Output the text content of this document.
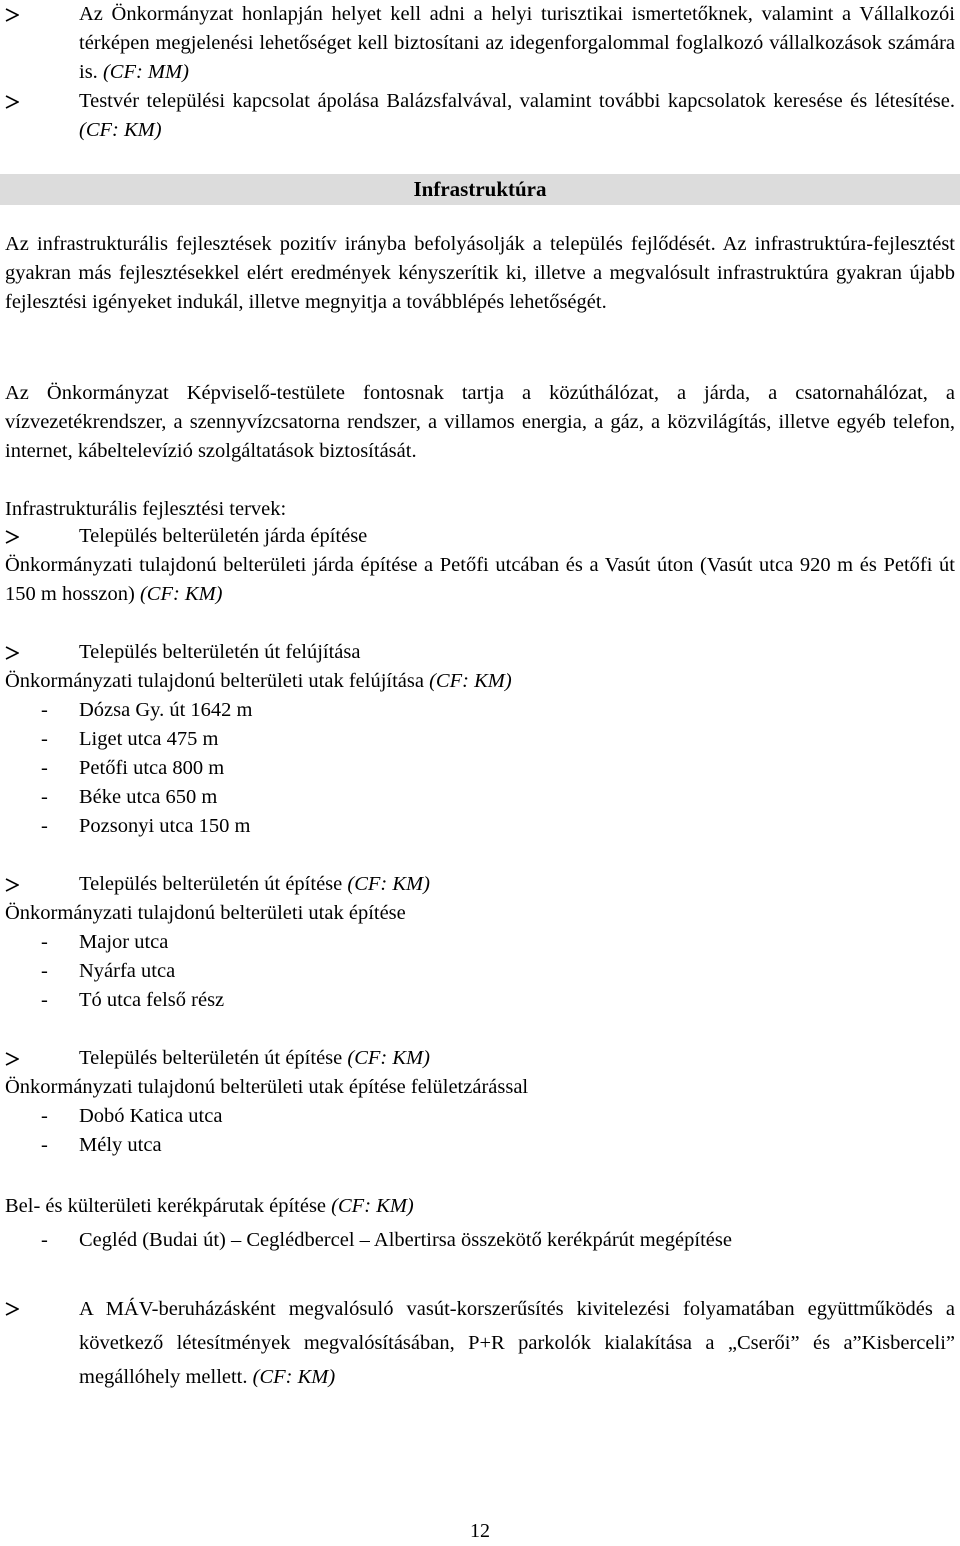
Az Önkormányzat honlapján helyet kell adni a helyi turisztikai ismertetőknek, valamint a Vállalkozói térképen megjelenési lehetőséget kell biztosítani az idegenforgalommal foglalkozó vállalkozások számára is. (CF: MM)
Testvér települési kapcsolat ápolása Balázsfalvával, valamint további kapcsolatok keresése és létesítése. (CF: KM)
Infrastruktúra
Az infrastrukturális fejlesztések pozitív irányba befolyásolják a település fejlődését. Az infrastruktúra-fejlesztést gyakran más fejlesztésekkel elért eredmények kényszerítik ki, illetve a megvalósult infrastruktúra gyakran újabb fejlesztési igényeket indukál, illetve megnyitja a továbblépés lehetőségét.
Az Önkormányzat Képviselő-testülete fontosnak tartja a közúthálózat, a járda, a csatornahálózat, a vízvezetékrendszer, a szennyvízcsatorna rendszer, a villamos energia, a gáz, a közvilágítás, illetve egyéb telefon, internet, kábeltelevízió szolgáltatások biztosítását.
Infrastrukturális fejlesztési tervek:
Település belterületén járda építése
Önkormányzati tulajdonú belterületi járda építése a Petőfi utcában és a Vasút úton (Vasút utca 920 m és Petőfi út 150 m hosszon) (CF: KM)
Település belterületén út felújítása
Önkormányzati tulajdonú belterületi utak felújítása (CF: KM)
- Dózsa Gy. út 1642 m
- Liget utca 475 m
- Petőfi utca 800 m
- Béke utca 650 m
- Pozsonyi utca 150 m
Település belterületén út építése (CF: KM)
Önkormányzati tulajdonú belterületi utak építése
- Major utca
- Nyárfa utca
- Tó utca felső rész
Település belterületén út építése (CF: KM)
Önkormányzati tulajdonú belterületi utak építése felületzárással
- Dobó Katica utca
- Mély utca
Bel- és külterületi kerékpárutak építése (CF: KM)
- Cegléd (Budai út) – Ceglédbercel – Albertirsa összekötő kerékpárút megépítése
A MÁV-beruházásként megvalósuló vasút-korszerűsítés kivitelezési folyamatában együttműködés a következő létesítmények megvalósításában, P+R parkolók kialakítása a „Cserői” és a”Kisberceli” megállóhely mellett. (CF: KM)
12
